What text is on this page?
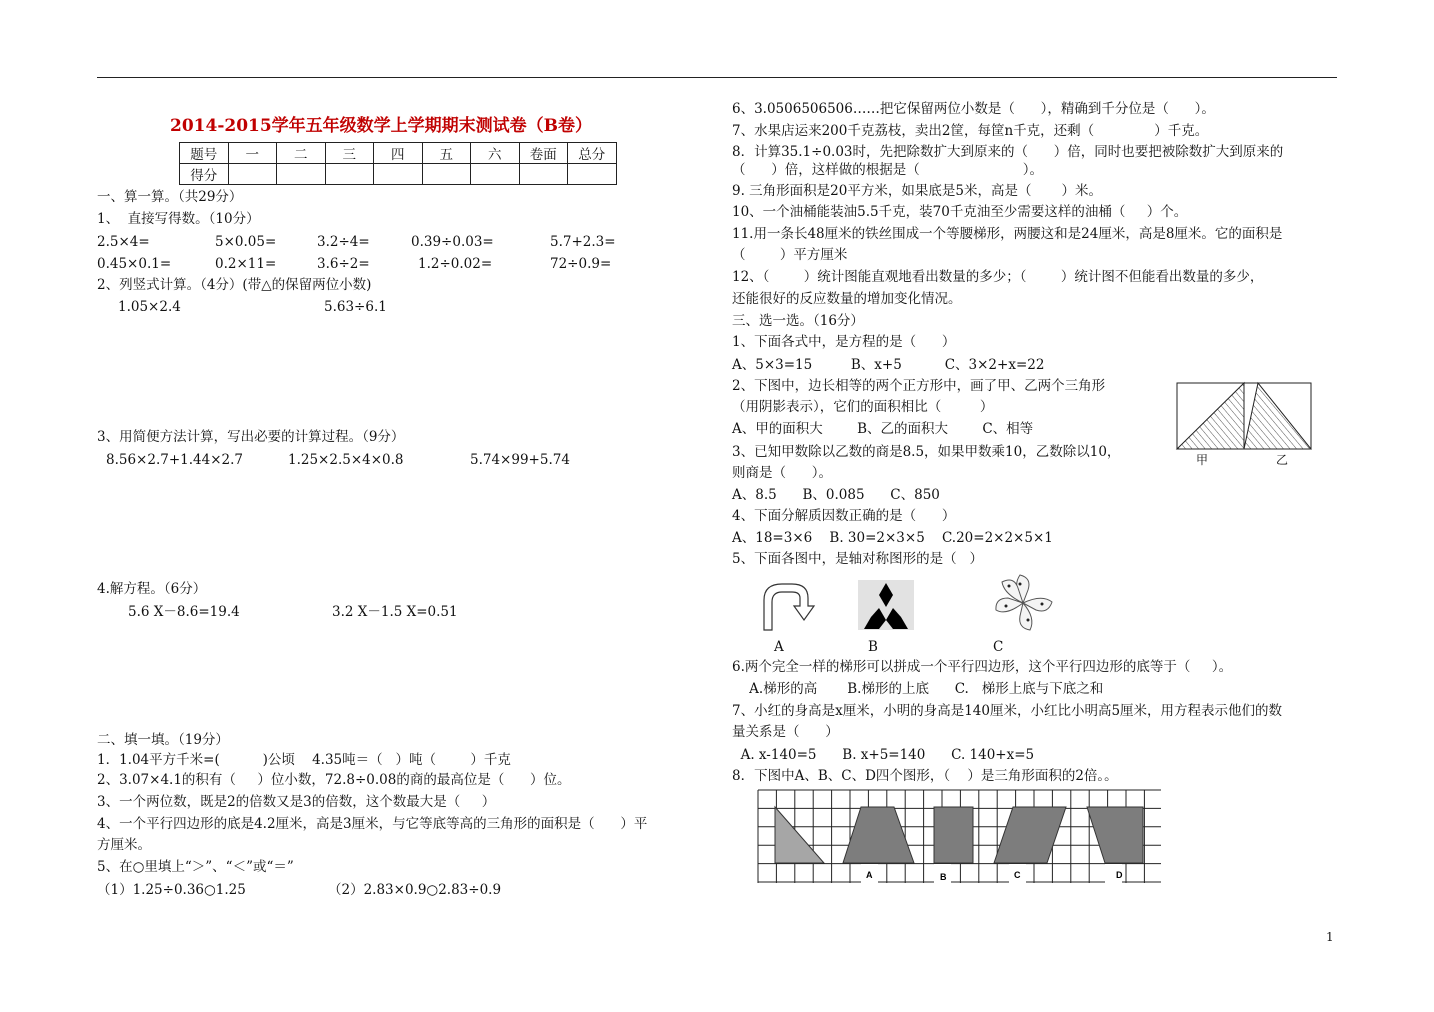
2014-2015学年五年级数学上学期期末测试卷（B卷）
题号	一	二	三	四	五	六	卷面	总分
得分								
一、算一算。（共29分）
1、  直接写得数。（10分）
2.5×4=	5×0.05=	3.2÷4=	0.39÷0.03=	5.7+2.3=
0.45×0.1=	0.2×11=	3.6÷2=	1.2÷0.02=	72÷0.9=
2、列竖式计算。（4分）(带△的保留两位小数)
1.05×2.4	5.63÷6.1
3、用简便方法计算，写出必要的计算过程。（9分）
8.56×2.7+1.44×2.7	1.25×2.5×4×0.8	5.74×99+5.74
4.解方程。（6分）
5.6 X－8.6=19.4	3.2 X－1.5 X=0.51
二、填一填。（19分）
1．1.04平方千米=(          )公顷    4.35吨＝（   ）吨（        ）千克
2、3.07×4.1的积有（     ）位小数，72.8÷0.08的商的最高位是（      ）位。
3、一个两位数，既是2的倍数又是3的倍数，这个数最大是（     ）
4、一个平行四边形的底是4.2厘米，高是3厘米，与它等底等高的三角形的面积是（      ）平
方厘米。
5、在○里填上“＞”、“＜”或“＝”
（1）1.25÷0.36○1.25	（2）2.83×0.9○2.83÷0.9
6、3.0506506506……把它保留两位小数是（      ），精确到千分位是（      ）。
7、水果店运来200千克荔枝，卖出2筐，每筐n千克，还剩（              ）千克。
8．计算35.1÷0.03时，先把除数扩大到原来的（      ）倍，同时也要把被除数扩大到原来的
（      ）倍，这样做的根据是（                        ）。
9. 三角形面积是20平方米，如果底是5米，高是（       ）米。
10、一个油桶能装油5.5千克，装70千克油至少需要这样的油桶（     ）个。
11.用一条长48厘米的铁丝围成一个等腰梯形，两腰这和是24厘米，高是8厘米。它的面积是
（        ）平方厘米
12、（        ）统计图能直观地看出数量的多少；（        ）统计图不但能看出数量的多少，
还能很好的反应数量的增加变化情况。
三、选一选。（16分）
1、下面各式中，是方程的是（      ）
A、5×3=15         B、x+5          C、3×2+x=22
2、下图中，边长相等的两个正方形中，画了甲、乙两个三角形
（用阴影表示），它们的面积相比（         ）
A、甲的面积大        B、乙的面积大        C、相等
3、已知甲数除以乙数的商是8.5，如果甲数乘10，乙数除以10，
则商是（      ）。
A、8.5      B、0.085      C、850
4、下面分解质因数正确的是（      ）
A、18=3×6    B. 30=2×3×5    C.20=2×2×5×1
5、下面各图中，是轴对称图形的是（   ）
A	B	C
6.两个完全一样的梯形可以拼成一个平行四边形，这个平行四边形的底等于（     ）。
A.梯形的高       B.梯形的上底      C.   梯形上底与下底之和
7、小红的身高是x厘米，小明的身高是140厘米，小红比小明高5厘米，用方程表示他们的数
量关系是（      ）
A. x-140=5      B. x+5=140      C. 140+x=5
8．下图中A、B、C、D四个图形，（    ）是三角形面积的2倍。。
甲	乙
A	B	C	D
1
